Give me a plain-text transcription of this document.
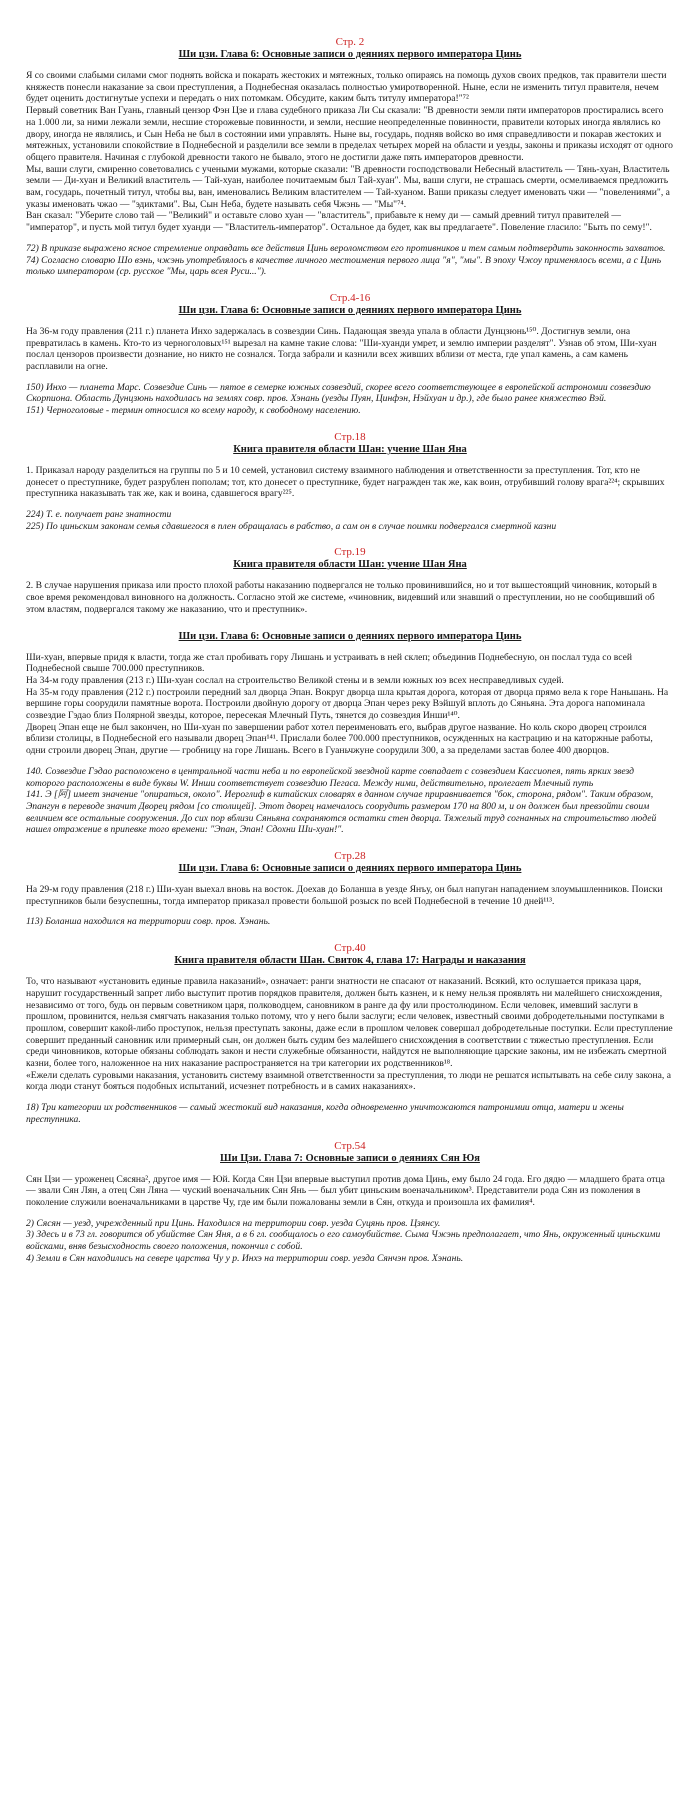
Стр. 2
Ши цзи. Глава 6: Основные записи о деяниях первого императора Цинь

Я со своими слабыми силами смог поднять войска и покарать жестоких и мятежных, только опираясь на помощь духов своих предков, так правители шести княжеств понесли наказание за свои преступления, а Поднебесная оказалась полностью умиротворенной. Ныне, если не изменить титул правителя, нечем будет оценить достигнутые успехи и передать о них потомкам. Обсудите, каким быть титулу императора!"⁷²

Первый советник Ван Гуань, главный цензор Фэн Цзе и глава судебного приказа Ли Сы сказали: "В древности земли пяти императоров простирались всего на 1.000 ли, за ними лежали земли, несшие сторожевые повинности, и земли, несшие неопределенные повинности, правители которых иногда являлись ко двору, иногда не являлись, и Сын Неба не был в состоянии ими управлять. Ныне вы, государь, подняв войско во имя справедливости и покарав жестоких и мятежных, установили спокойствие в Поднебесной и разделили все земли в пределах четырех морей на области и уезды, законы и приказы исходят от одного общего правителя. Начиная с глубокой древности такого не бывало, этого не достигли даже пять императоров древности.

Мы, ваши слуги, смиренно советовались с учеными мужами, которые сказали: "В древности господствовали Небесный властитель — Тянь-хуан, Властитель земли — Ди-хуан и Великий властитель — Тай-хуан, наиболее почитаемым был Тай-хуан". Мы, ваши слуги, не страшась смерти, осмеливаемся предложить вам, государь, почетный титул, чтобы вы, ван, именовались Великим властителем — Тай-хуаном. Ваши приказы следует именовать чжи — "повелениями", а указы именовать чжао — "эдиктами". Вы, Сын Неба, будете называть себя Чжэнь — "Мы"⁷⁴.

Ван сказал: "Уберите слово тай — "Великий" и оставьте слово хуан — "властитель", прибавьте к нему ди — самый древний титул правителей — "император", и пусть мой титул будет хуанди — "Властитель-император". Остальное да будет, как вы предлагаете". Повеление гласило: "Быть по сему!".

72) В приказе выражено ясное стремление оправдать все действия Цинь вероломством его противников и тем самым подтвердить законность захватов.

74) Согласно словарю Шо вэнь, чжэнь употреблялось в качестве личного местоимения первого лица "я", "мы". В эпоху Чжоу применялось всеми, а с Цинь только императором (ср. русское "Мы, царь всея Руси...").

Стр.4-16
Ши цзи. Глава 6: Основные записи о деяниях первого императора Цинь

На 36-м году правления (211 г.) планета Инхо задержалась в созвездии Синь. Падающая звезда упала в области Дунцзюнь¹⁵⁰. Достигнув земли, она превратилась в камень. Кто-то из черноголовых¹⁵¹ вырезал на камне такие слова: "Ши-хуанди умрет, и землю империи разделят". Узнав об этом, Ши-хуан послал цензоров произвести дознание, но никто не сознался. Тогда забрали и казнили всех живших вблизи от места, где упал камень, а сам камень расплавили на огне.

150) Инхо — планета Марс. Созвездие Синь — пятое в семерке южных созвездий, скорее всего соответствующее в европейской астрономии созвездию Скорпиона. Область Дунцзюнь находилась на землях совр. пров. Хэнань (уезды Пуян, Цинфэн, Нэйхуан и др.), где было ранее княжество Вэй.

151) Черноголовые - термин относился ко всему народу, к свободному населению.

Стр.18
Книга правителя области Шан: учение Шан Яна

1. Приказал народу разделиться на группы по 5 и 10 семей, установил систему взаимного наблюдения и ответственности за преступления. Тот, кто не донесет о преступнике, будет разрублен пополам; тот, кто донесет о преступнике, будет награжден так же, как воин, отрубивший голову врага²²⁴; скрывших преступника наказывать так же, как и воина, сдавшегося врагу²²⁵.

224) Т. е. получает ранг знатности

225) По циньским законам семья сдавшегося в плен обращалась в рабство, а сам он в случае поимки подвергался смертной казни

Стр.19
Книга правителя области Шан: учение Шан Яна

2. В случае нарушения приказа или просто плохой работы наказанию подвергался не только провинившийся, но и тот вышестоящий чиновник, который в свое время рекомендовал виновного на должность. Согласно этой же системе, «чиновник, видевший или знавший о преступлении, но не сообщивший об этом властям, подвергался такому же наказанию, что и преступник».

Ши цзи. Глава 6: Основные записи о деяниях первого императора Цинь

Ши-хуан, впервые придя к власти, тогда же стал пробивать гору Лишань и устраивать в ней склеп; объединив Поднебесную, он послал туда со всей Поднебесной свыше 700.000 преступников.

На 34-м году правления (213 г.) Ши-хуан сослал на строительство Великой стены и в земли южных юэ всех несправедливых судей.

На 35-м году правления (212 г.) построили передний зал дворца Эпан. Вокруг дворца шла крытая дорога, которая от дворца прямо вела к горе Наньшань. На вершине горы соорудили памятные ворота. Построили двойную дорогу от дворца Эпан через реку Вэйшуй вплоть до Сяньяна. Эта дорога напоминала созвездие Гэдао близ Полярной звезды, которое, пересекая Млечный Путь, тянется до созвездия Инши¹⁴⁰.

Дворец Эпан еще не был закончен, но Ши-хуан по завершении работ хотел переименовать его, выбрав другое название. Но коль скоро дворец строился вблизи столицы, в Поднебесной его называли дворец Эпан¹⁴¹. Прислали более 700.000 преступников, осужденных на кастрацию и на каторжные работы, одни строили дворец Эпан, другие — гробницу на горе Лишань. Всего в Гуаньчжуне соорудили 300, а за пределами застав более 400 дворцов.

140. Созвездие Гэдао расположено в центральной части неба и по европейской звездной карте совпадает с созвездием Кассиопея, пять ярких звезд которого расположены в виде буквы W. Инши соответствует созвездию Пегаса. Между ними, действительно, пролегает Млечный путь

141. Э [阿] имеет значение "опираться, около". Иероглиф в китайских словарях в данном случае приравнивается "бок, сторона, рядом". Таким образом, Эпангун в переводе значит Дворец рядом [со столицей]. Этот дворец намечалось соорудить размером 170 на 800 м, и он должен был превзойти своим величием все остальные сооружения. До сих пор вблизи Сяньяна сохраняются остатки стен дворца. Тяжелый труд согнанных на строительство людей нашел отражение в припевке того времени: "Эпан, Эпан! Сдохни Ши-хуан!".

Стр.28
Ши цзи. Глава 6: Основные записи о деяниях первого императора Цинь

На 29-м году правления (218 г.) Ши-хуан выехал вновь на восток. Доехав до Боланша в уезде Янъу, он был напуган нападением злоумышленников. Поиски преступников были безуспешны, тогда император приказал провести большой розыск по всей Поднебесной в течение 10 дней¹¹³.

113) Боланша находился на территории совр. пров. Хэнань.

Стр.40
Книга правителя области Шан. Свиток 4, глава 17: Награды и наказания

То, что называют «установить единые правила наказаний», означает: ранги знатности не спасают от наказаний. Всякий, кто ослушается приказа царя, нарушит государственный запрет либо выступит против порядков правителя, должен быть казнен, и к нему нельзя проявлять ни малейшего снисхождения, независимо от того, будь он первым советником царя, полководцем, сановником в ранге да фу или простолюдином. Если человек, имевший заслуги в прошлом, провинится, нельзя смягчать наказания только потому, что у него были заслуги; если человек, известный своими добродетельными поступками в прошлом, совершит какой-либо проступок, нельзя преступать законы, даже если в прошлом человек совершал добродетельные поступки. Если преступление совершит преданный сановник или примерный сын, он должен быть судим без малейшего снисхождения в соответствии с тяжестью преступления. Если среди чиновников, которые обязаны соблюдать закон и нести служебные обязанности, найдутся не выполняющие царские законы, им не избежать смертной казни, более того, наложенное на них наказание распространяется на три категории их родственников¹⁸.

«Ежели сделать суровыми наказания, установить систему взаимной ответственности за преступления, то люди не решатся испытывать на себе силу закона, а когда люди станут бояться подобных испытаний, исчезнет потребность и в самих наказаниях».

18) Три категории их родственников — самый жестокий вид наказания, когда одновременно уничтожаются патронимии отца, матери и жены преступника.

Стр.54
Ши Цзи. Глава 7: Основные записи о деяниях Сян Юя

Сян Цзи — уроженец Сясяна², другое имя — Юй. Когда Сян Цзи впервые выступил против дома Цинь, ему было 24 года. Его дядю — младшего брата отца — звали Сян Лян, а отец Сян Ляна — чуский военачальник Сян Янь — был убит циньским военачальником³. Представители рода Сян из поколения в поколение служили военачальниками в царстве Чу, где им были пожалованы земли в Сян, откуда и произошла их фамилия⁴.

2) Сясян — уезд, учрежденный при Цинь. Находился на территории совр. уезда Суцянь пров. Цзянсу.

3) Здесь и в 73 гл. говорится об убийстве Сян Яня, а в 6 гл. сообщалось о его самоубийстве. Сыма Чжэнь предполагает, что Янь, окруженный циньскими войсками, вняв безысходность своего положения, покончил с собой.

4) Земли в Сян находились на севере царства Чу у р. Инхэ на территории совр. уезда Сянчэн пров. Хэнань.
